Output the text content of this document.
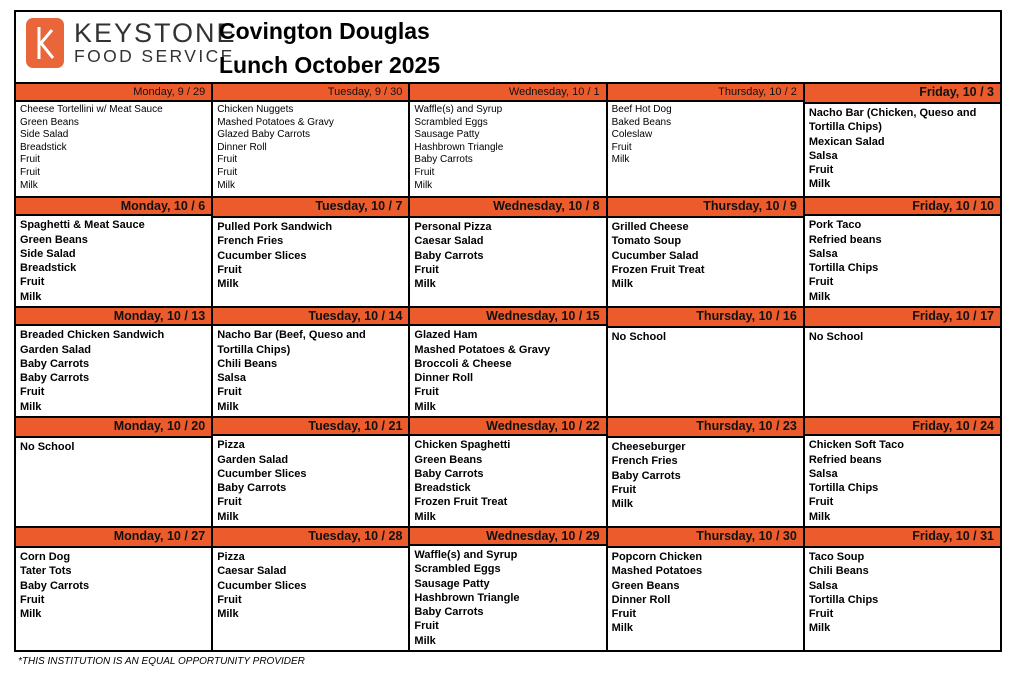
KEYSTONE
FOOD SERVICE
Covington Douglas
Lunch October 2025
Monday, 9 / 29
Cheese Tortellini w/ Meat Sauce
Green Beans
Side Salad
Breadstick
Fruit
Fruit
Milk
Tuesday, 9 / 30
Chicken Nuggets
Mashed Potatoes & Gravy
Glazed Baby Carrots
Dinner Roll
Fruit
Fruit
Milk
Wednesday, 10 / 1
Waffle(s) and Syrup
Scrambled Eggs
Sausage Patty
Hashbrown Triangle
Baby Carrots
Fruit
Milk
Thursday, 10 / 2
Beef Hot Dog
Baked Beans
Coleslaw
Fruit
Milk
Friday, 10 / 3
Nacho Bar (Chicken, Queso and Tortilla Chips)
Mexican Salad
Salsa
Fruit
Milk
Monday, 10 / 6
Spaghetti & Meat Sauce
Green Beans
Side Salad
Breadstick
Fruit
Milk
Tuesday, 10 / 7
Pulled Pork Sandwich
French Fries
Cucumber Slices
Fruit
Milk
Wednesday, 10 / 8
Personal Pizza
Caesar Salad
Baby Carrots
Fruit
Milk
Thursday, 10 / 9
Grilled Cheese
Tomato Soup
Cucumber Salad
Frozen Fruit Treat
Milk
Friday, 10 / 10
Pork Taco
Refried beans
Salsa
Tortilla Chips
Fruit
Milk
Monday, 10 / 13
Breaded Chicken Sandwich
Garden Salad
Baby Carrots
Baby Carrots
Fruit
Milk
Tuesday, 10 / 14
Nacho Bar (Beef, Queso and Tortilla Chips)
Chili Beans
Salsa
Fruit
Milk
Wednesday, 10 / 15
Glazed Ham
Mashed Potatoes & Gravy
Broccoli & Cheese
Dinner Roll
Fruit
Milk
Thursday, 10 / 16
No School
Friday, 10 / 17
No School
Monday, 10 / 20
No School
Tuesday, 10 / 21
Pizza
Garden Salad
Cucumber Slices
Baby Carrots
Fruit
Milk
Wednesday, 10 / 22
Chicken Spaghetti
Green Beans
Baby Carrots
Breadstick
Frozen Fruit Treat
Milk
Thursday, 10 / 23
Cheeseburger
French Fries
Baby Carrots
Fruit
Milk
Friday, 10 / 24
Chicken Soft Taco
Refried beans
Salsa
Tortilla Chips
Fruit
Milk
Monday, 10 / 27
Corn Dog
Tater Tots
Baby Carrots
Fruit
Milk
Tuesday, 10 / 28
Pizza
Caesar Salad
Cucumber Slices
Fruit
Milk
Wednesday, 10 / 29
Waffle(s) and Syrup
Scrambled Eggs
Sausage Patty
Hashbrown Triangle
Baby Carrots
Fruit
Milk
Thursday, 10 / 30
Popcorn Chicken
Mashed Potatoes
Green Beans
Dinner Roll
Fruit
Milk
Friday, 10 / 31
Taco Soup
Chili Beans
Salsa
Tortilla Chips
Fruit
Milk
*THIS INSTITUTION IS AN EQUAL OPPORTUNITY PROVIDER
